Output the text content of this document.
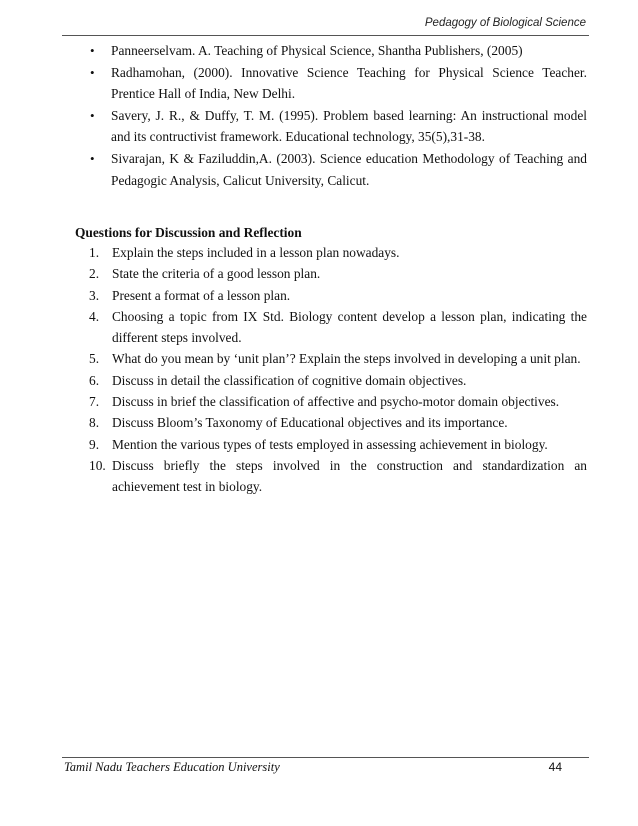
Pedagogy of Biological Science
• Panneerselvam. A. Teaching of Physical Science, Shantha Publishers, (2005)
• Radhamohan, (2000). Innovative Science Teaching for Physical Science Teacher. Prentice Hall of India, New Delhi.
• Savery, J. R., & Duffy, T. M. (1995). Problem based learning: An instructional model and its contructivist framework. Educational technology, 35(5),31-38.
• Sivarajan, K & Faziluddin,A. (2003). Science education Methodology of Teaching and Pedagogic Analysis, Calicut University, Calicut.
Questions for Discussion and Reflection
1. Explain the steps included in a lesson plan nowadays.
2. State the criteria of a good lesson plan.
3. Present a format of a lesson plan.
4. Choosing a topic from IX Std. Biology content develop a lesson plan, indicating the different steps involved.
5. What do you mean by ‘unit plan’? Explain the steps involved in developing a unit plan.
6. Discuss in detail the classification of cognitive domain objectives.
7. Discuss in brief the classification of affective and psycho-motor domain objectives.
8. Discuss Bloom’s Taxonomy of Educational objectives and its importance.
9. Mention the various types of tests employed in assessing achievement in biology.
10. Discuss briefly the steps involved in the construction and standardization an achievement test in biology.
Tamil Nadu Teachers Education University	44
